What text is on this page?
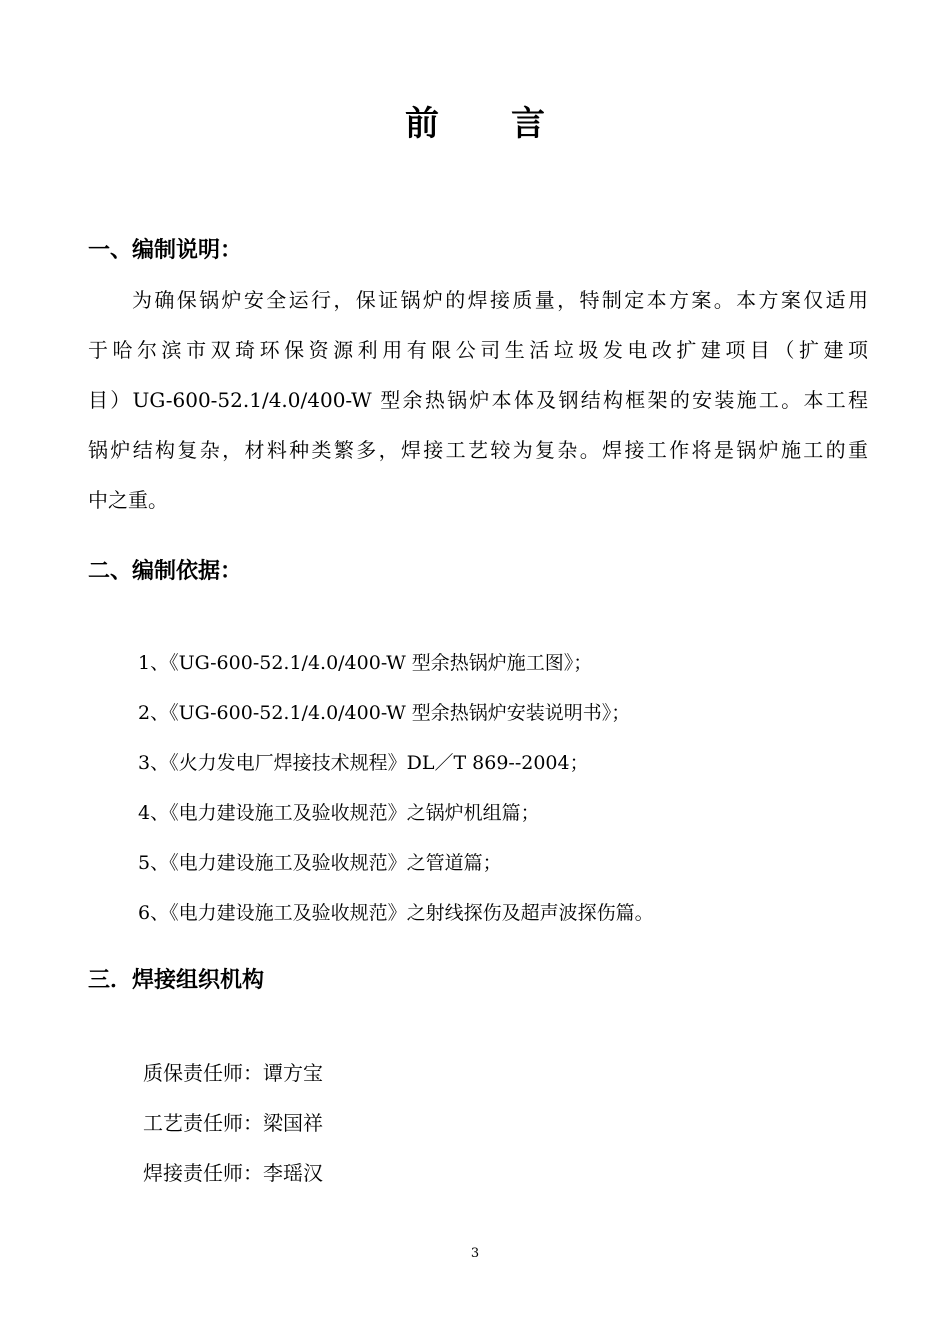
前 言
一、编制说明：
为确保锅炉安全运行，保证锅炉的焊接质量，特制定本方案。本方案仅适用
于哈尔滨市双琦环保资源利用有限公司生活垃圾发电改扩建项目（扩建项
目）UG-600-52.1/4.0/400-W 型余热锅炉本体及钢结构框架的安装施工。本工程
锅炉结构复杂，材料种类繁多，焊接工艺较为复杂。焊接工作将是锅炉施工的重
中之重。
二、编制依据：
1、《UG-600-52.1/4.0/400-W 型余热锅炉施工图》；
2、《UG-600-52.1/4.0/400-W 型余热锅炉安装说明书》；
3、《火力发电厂焊接技术规程》DL／T 869--2004；
4、《电力建设施工及验收规范》之锅炉机组篇；
5、《电力建设施工及验收规范》之管道篇；
6、《电力建设施工及验收规范》之射线探伤及超声波探伤篇。
三．焊接组织机构
质保责任师：谭方宝
工艺责任师：梁国祥
焊接责任师：李瑶汉
3
